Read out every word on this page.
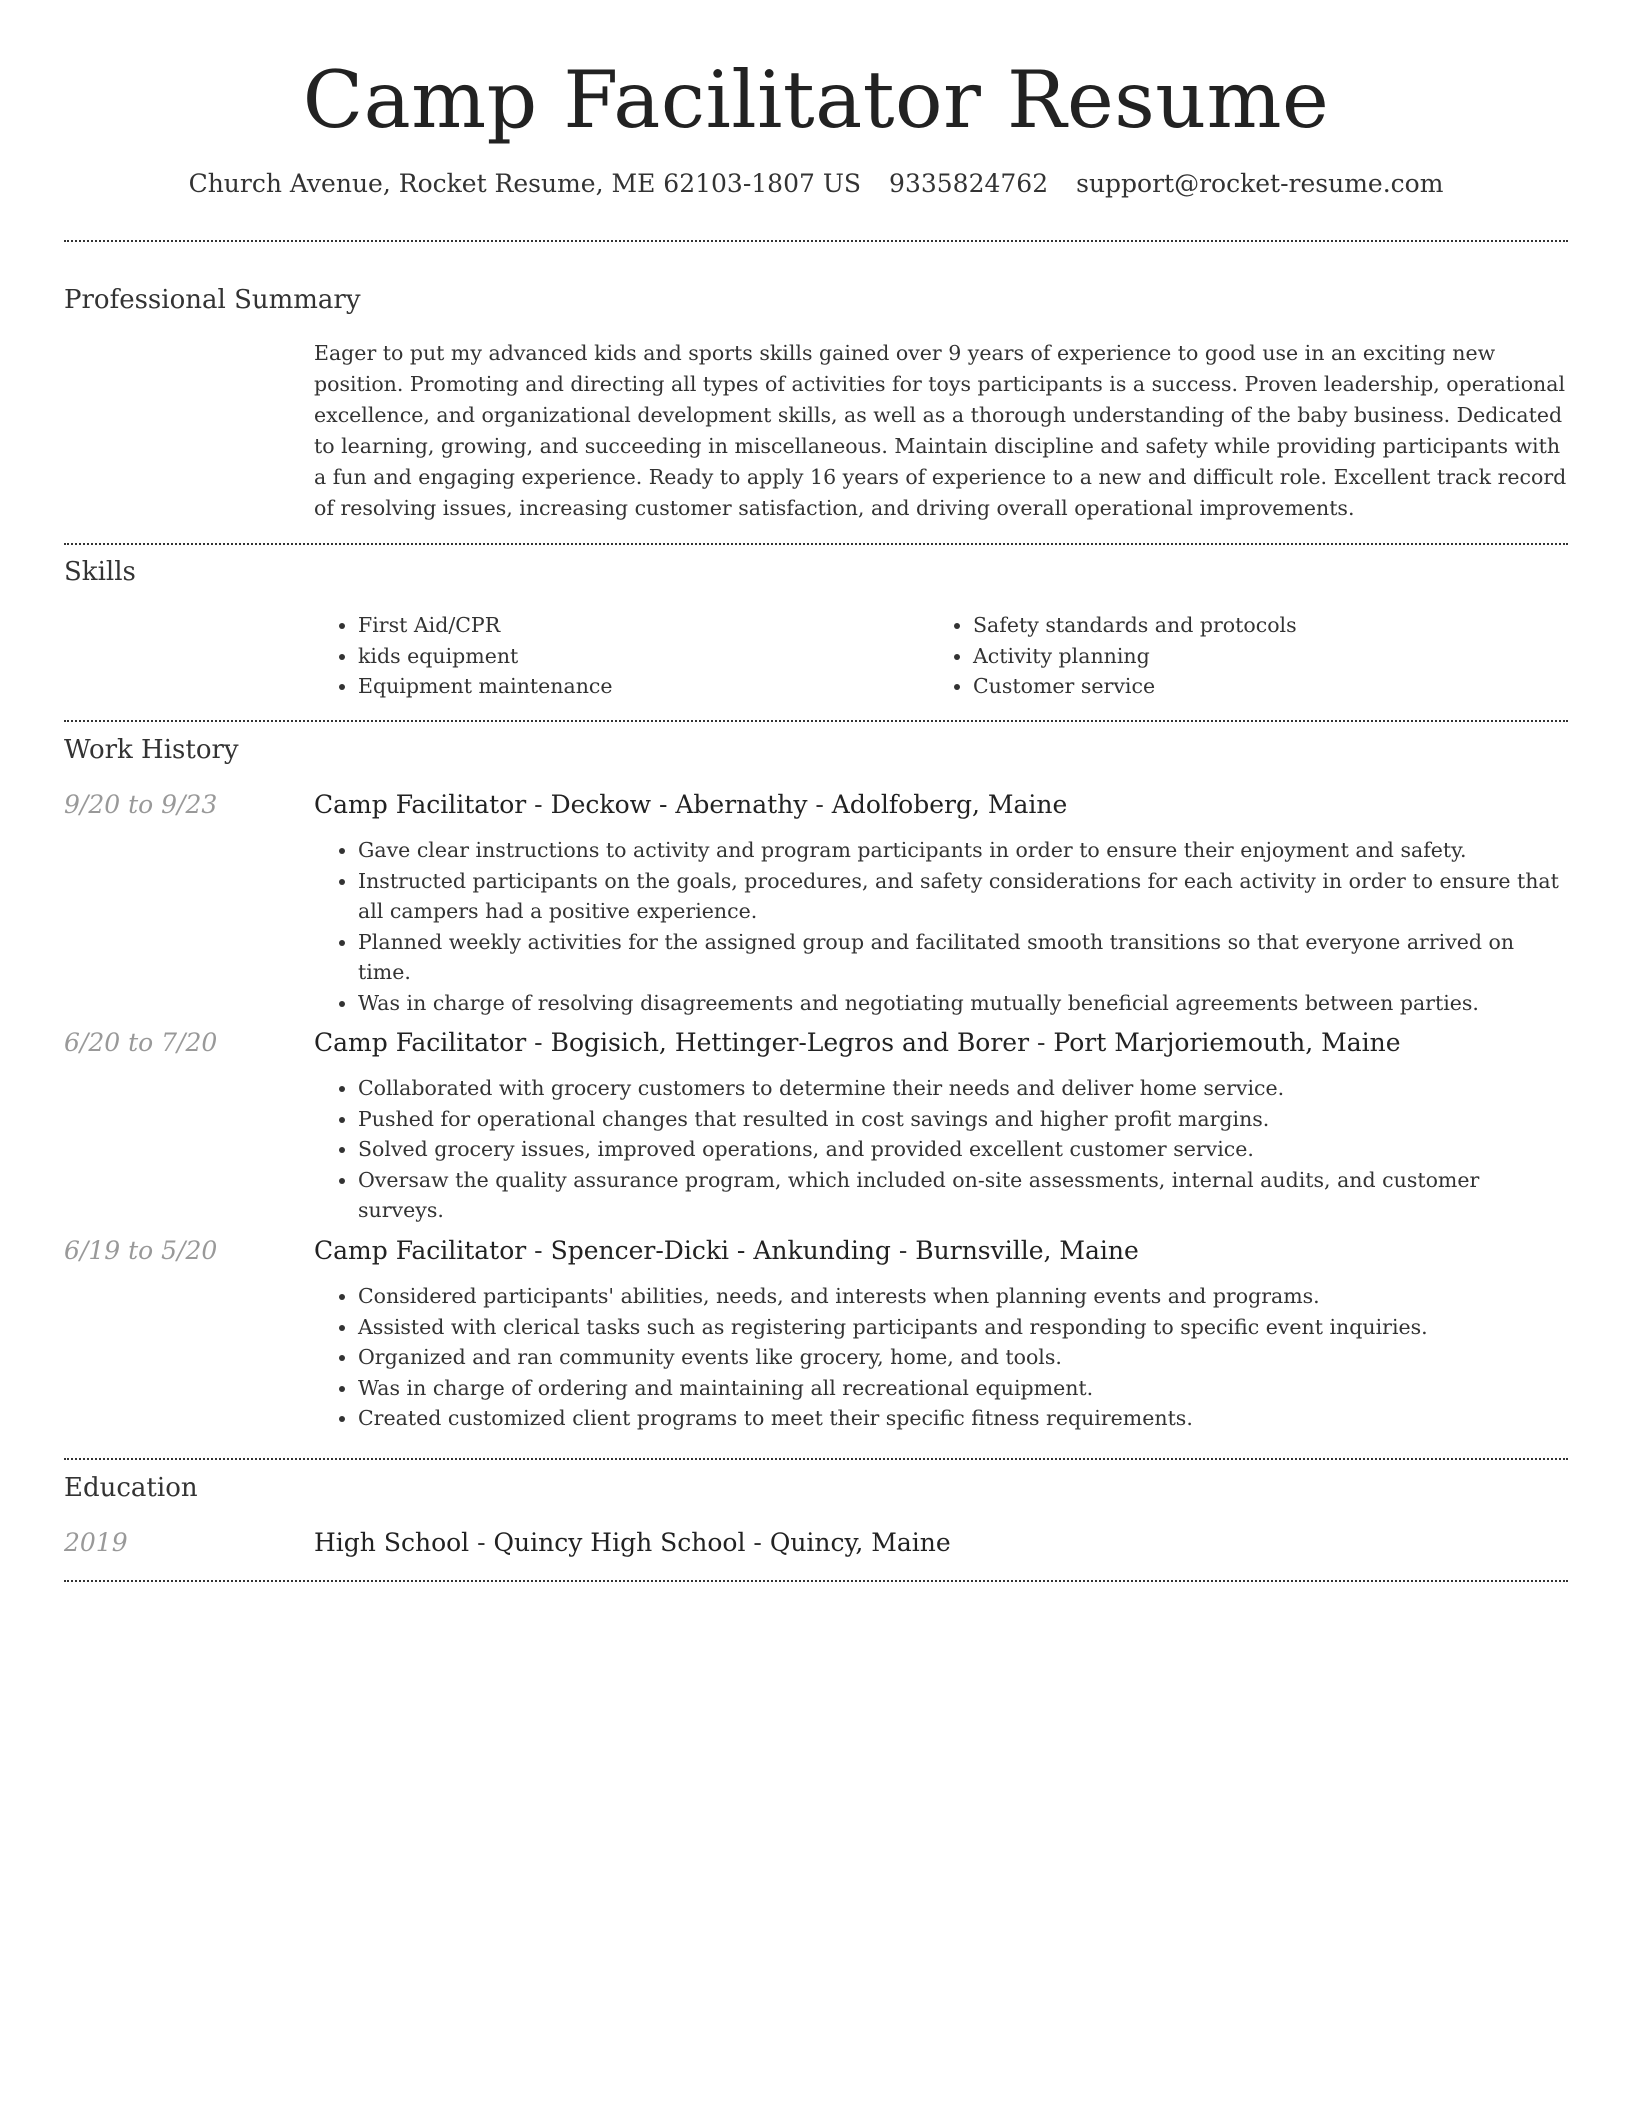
Camp Facilitator Resume
Church Avenue, Rocket Resume, ME 62103-1807 US 9335824762 support@rocket-resume.com
Professional Summary

Eager to put my advanced kids and sports skills gained over 9 years of experience to good use in an exciting new position. Promoting and directing all types of activities for toys participants is a success. Proven leadership, operational excellence, and organizational development skills, as well as a thorough understanding of the baby business. Dedicated to learning, growing, and succeeding in miscellaneous. Maintain discipline and safety while providing participants with a fun and engaging experience. Ready to apply 16 years of experience to a new and difficult role. Excellent track record of resolving issues, increasing customer satisfaction, and driving overall operational improvements.

Skills
• First Aid/CPR
• kids equipment
• Equipment maintenance
• Safety standards and protocols
• Activity planning
• Customer service
Work History
9/20 to 9/23	Camp Facilitator - Deckow - Abernathy - Adolfoberg, Maine
• Gave clear instructions to activity and program participants in order to ensure their enjoyment and safety.
• Instructed participants on the goals, procedures, and safety considerations for each activity in order to ensure that all campers had a positive experience.
• Planned weekly activities for the assigned group and facilitated smooth transitions so that everyone arrived on time.
• Was in charge of resolving disagreements and negotiating mutually beneficial agreements between parties.
6/20 to 7/20	Camp Facilitator - Bogisich, Hettinger-Legros and Borer - Port Marjoriemouth, Maine
• Collaborated with grocery customers to determine their needs and deliver home service.
• Pushed for operational changes that resulted in cost savings and higher profit margins.
• Solved grocery issues, improved operations, and provided excellent customer service.
• Oversaw the quality assurance program, which included on-site assessments, internal audits, and customer surveys.
6/19 to 5/20	Camp Facilitator - Spencer-Dicki - Ankunding - Burnsville, Maine
• Considered participants' abilities, needs, and interests when planning events and programs.
• Assisted with clerical tasks such as registering participants and responding to specific event inquiries.
• Organized and ran community events like grocery, home, and tools.
• Was in charge of ordering and maintaining all recreational equipment.
• Created customized client programs to meet their specific fitness requirements.
Education
2019	High School - Quincy High School - Quincy, Maine
